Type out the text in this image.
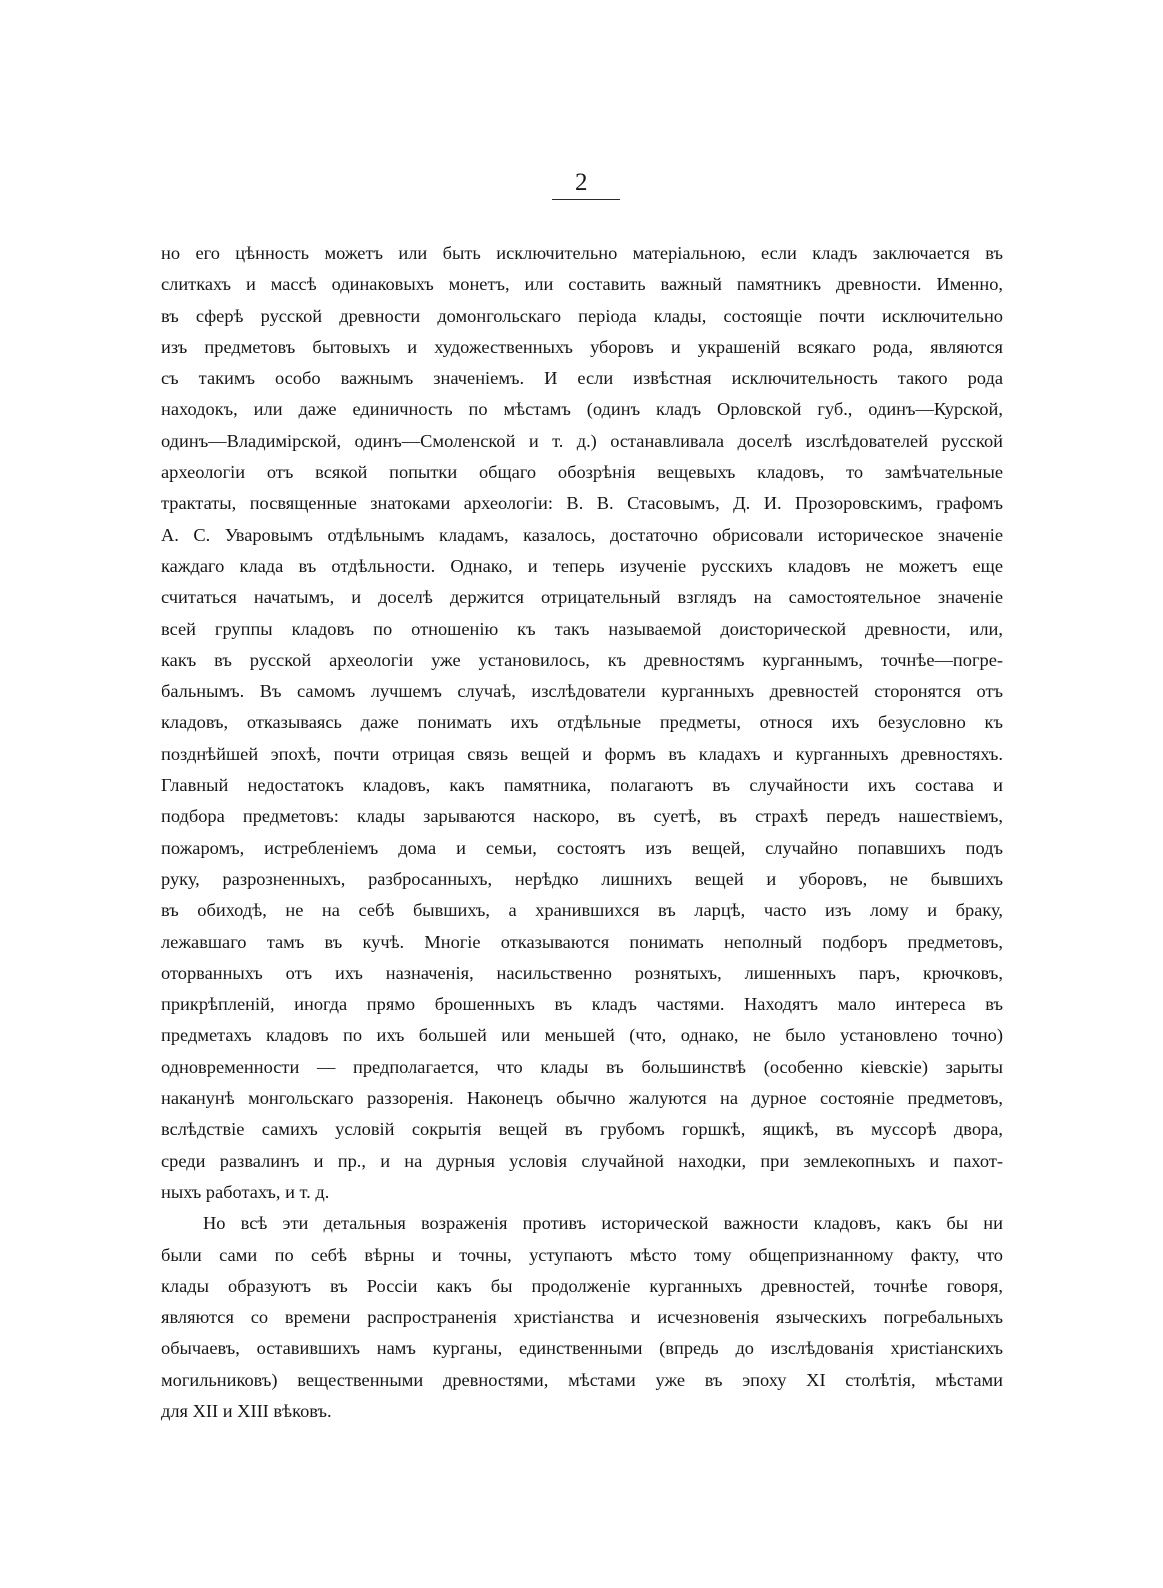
2
но его цѣнность можетъ или быть исключительно матеріальною, если кладъ заключается въ
слиткахъ и массѣ одинаковыхъ монетъ, или составить важный памятникъ древности. Именно,
въ сферѣ русской древности домонгольскаго періода клады, состоящіе почти исключительно
изъ предметовъ бытовыхъ и художественныхъ уборовъ и украшеній всякаго рода, являются
съ такимъ особо важнымъ значеніемъ. И если извѣстная исключительность такого рода
находокъ, или даже единичность по мѣстамъ (одинъ кладъ Орловской губ., одинъ—Курской,
одинъ—Владимірской, одинъ—Смоленской и т. д.) останавливала доселѣ изслѣдователей русской
археологіи отъ всякой попытки общаго обозрѣнія вещевыхъ кладовъ, то замѣчательные
трактаты, посвященные знатоками археологіи: В. В. Стасовымъ, Д. И. Прозоровскимъ, графомъ
А. С. Уваровымъ отдѣльнымъ кладамъ, казалось, достаточно обрисовали историческое значеніе
каждаго клада въ отдѣльности. Однако, и теперь изученіе русскихъ кладовъ не можетъ еще
считаться начатымъ, и доселѣ держится отрицательный взглядъ на самостоятельное значеніе
всей группы кладовъ по отношенію къ такъ называемой доисторической древности, или,
какъ въ русской археологіи уже установилось, къ древностямъ курганнымъ, точнѣе—погре-
бальнымъ. Въ самомъ лучшемъ случаѣ, изслѣдователи курганныхъ древностей сторонятся отъ
кладовъ, отказываясь даже понимать ихъ отдѣльные предметы, относя ихъ безусловно къ
позднѣйшей эпохѣ, почти отрицая связь вещей и формъ въ кладахъ и курганныхъ древностяхъ.
Главный недостатокъ кладовъ, какъ памятника, полагаютъ въ случайности ихъ состава и
подбора предметовъ: клады зарываются наскоро, въ суетѣ, въ страхѣ передъ нашествіемъ,
пожаромъ, истребленіемъ дома и семьи, состоятъ изъ вещей, случайно попавшихъ подъ
руку, разрозненныхъ, разбросанныхъ, нерѣдко лишнихъ вещей и уборовъ, не бывшихъ
въ обиходѣ, не на себѣ бывшихъ, а хранившихся въ ларцѣ, часто изъ лому и браку,
лежавшаго тамъ въ кучѣ. Многіе отказываются понимать неполный подборъ предметовъ,
оторванныхъ отъ ихъ назначенія, насильственно рознятыхъ, лишенныхъ паръ, крючковъ,
прикрѣпленій, иногда прямо брошенныхъ въ кладъ частями. Находятъ мало интереса въ
предметахъ кладовъ по ихъ большей или меньшей (что, однако, не было установлено точно)
одновременности — предполагается, что клады въ большинствѣ (особенно кіевскіе) зарыты
наканунѣ монгольскаго раззоренія. Наконецъ обычно жалуются на дурное состояніе предметовъ,
вслѣдствіе самихъ условій сокрытія вещей въ грубомъ горшкѣ, ящикѣ, въ муссорѣ двора,
среди развалинъ и пр., и на дурныя условія случайной находки, при землекопныхъ и пахот-
ныхъ работахъ, и т. д.
Но всѣ эти детальныя возраженія противъ исторической важности кладовъ, какъ бы ни
были сами по себѣ вѣрны и точны, уступаютъ мѣсто тому общепризнанному факту, что
клады образуютъ въ Россіи какъ бы продолженіе курганныхъ древностей, точнѣе говоря,
являются со времени распространенія христіанства и исчезновенія языческихъ погребальныхъ
обычаевъ, оставившихъ намъ курганы, единственными (впредь до изслѣдованія христіанскихъ
могильниковъ) вещественными древностями, мѣстами уже въ эпоху XI столѣтія, мѣстами
для XII и XIII вѣковъ.
